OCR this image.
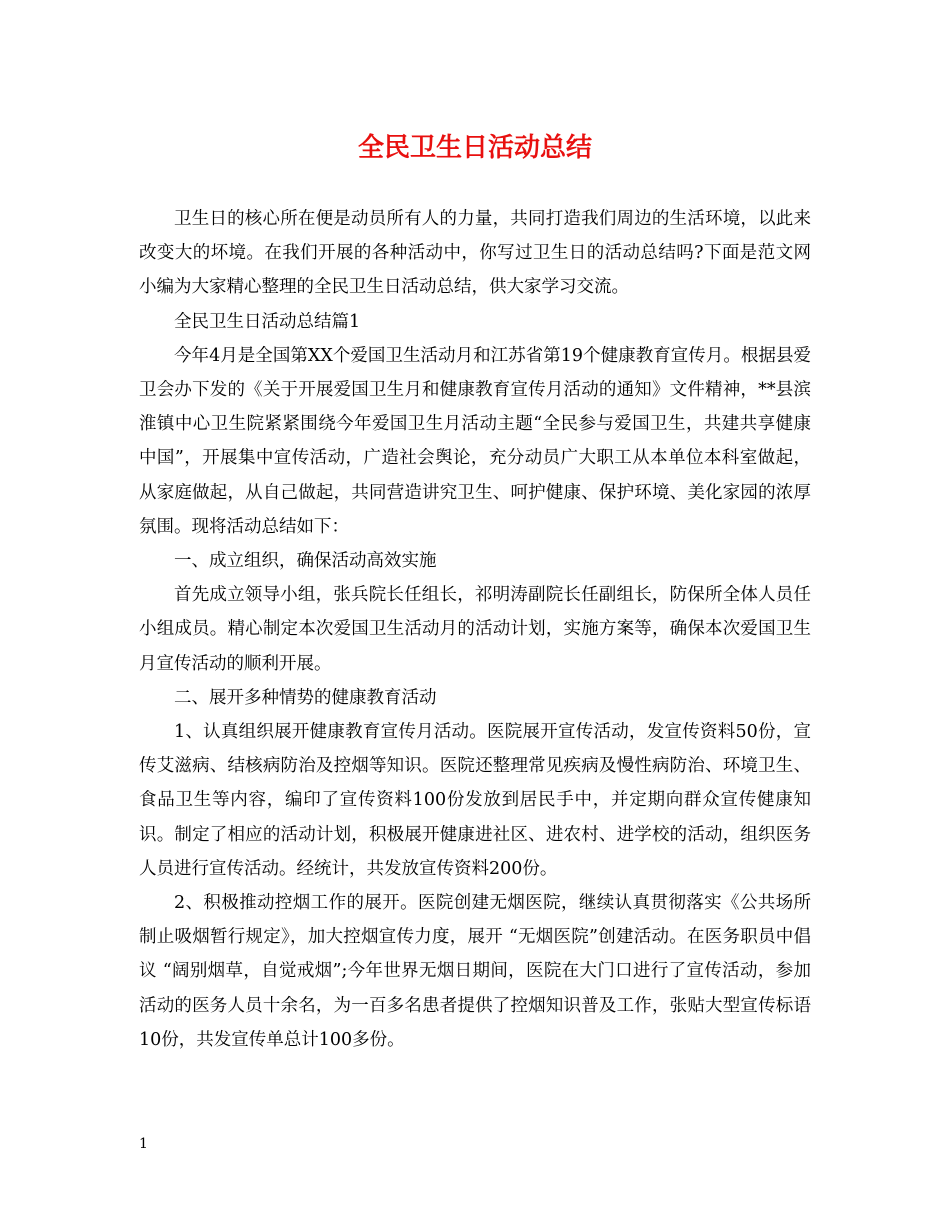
全民卫生日活动总结

卫生日的核心所在便是动员所有人的力量，共同打造我们周边的生活环境，以此来改变大的坏境。在我们开展的各种活动中，你写过卫生日的活动总结吗?下面是范文网小编为大家精心整理的全民卫生日活动总结，供大家学习交流。

全民卫生日活动总结篇1

今年4月是全国第XX个爱国卫生活动月和江苏省第19个健康教育宣传月。根据县爱卫会办下发的《关于开展爱国卫生月和健康教育宣传月活动的通知》文件精神，**县滨淮镇中心卫生院紧紧围绕今年爱国卫生月活动主题“全民参与爱国卫生，共建共享健康中国”，开展集中宣传活动，广造社会舆论，充分动员广大职工从本单位本科室做起，从家庭做起，从自己做起，共同营造讲究卫生、呵护健康、保护环境、美化家园的浓厚氛围。现将活动总结如下：

一、成立组织，确保活动高效实施

首先成立领导小组，张兵院长任组长，祁明涛副院长任副组长，防保所全体人员任小组成员。精心制定本次爱国卫生活动月的活动计划，实施方案等，确保本次爱国卫生月宣传活动的顺利开展。

二、展开多种情势的健康教育活动

1、认真组织展开健康教育宣传月活动。医院展开宣传活动，发宣传资料50份，宣传艾滋病、结核病防治及控烟等知识。医院还整理常见疾病及慢性病防治、环境卫生、食品卫生等内容，编印了宣传资料100份发放到居民手中，并定期向群众宣传健康知识。制定了相应的活动计划，积极展开健康进社区、进农村、进学校的活动，组织医务人员进行宣传活动。经统计，共发放宣传资料200份。

2、积极推动控烟工作的展开。医院创建无烟医院，继续认真贯彻落实《公共场所制止吸烟暂行规定》，加大控烟宣传力度，展开 “无烟医院”创建活动。在医务职员中倡议 “阔别烟草，自觉戒烟”;今年世界无烟日期间，医院在大门口进行了宣传活动，参加活动的医务人员十余名，为一百多名患者提供了控烟知识普及工作，张贴大型宣传标语10份，共发宣传单总计100多份。

1
